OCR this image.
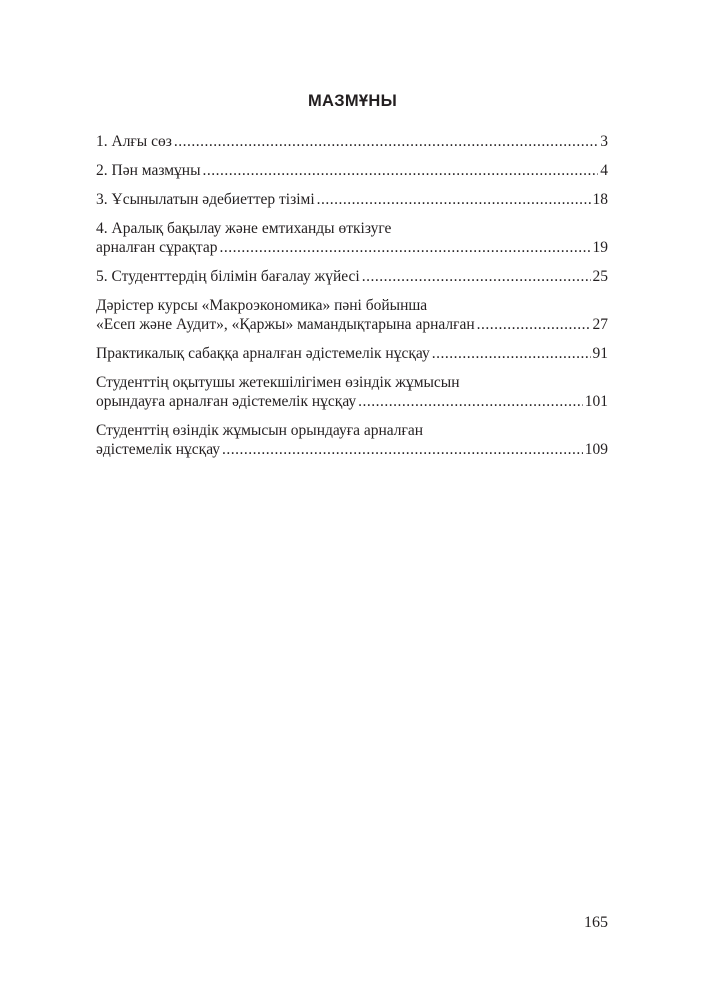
МАЗМҰНЫ
1. Алғы сөз .....	3
2. Пән мазмұны .....	4
3. Ұсынылатын әдебиеттер тізімі .....	18
4. Аралық бақылау және емтиханды өткізуге
арналған сұрақтар .....	19
5. Студенттердің білімін бағалау жүйесі .....	25
Дәрістер курсы «Макроэкономика» пәні бойынша
«Есеп және Аудит», «Қаржы» мамандықтарына арналған .....	27
Практикалық сабаққа арналған әдістемелік нұсқау .....	91
Студенттің оқытушы жетекшілігімен өзіндік жұмысын
орындауға арналған әдістемелік нұсқау .....	101
Студенттің өзіндік жұмысын орындауға арналған
әдістемелік нұсқау .....	109
165
